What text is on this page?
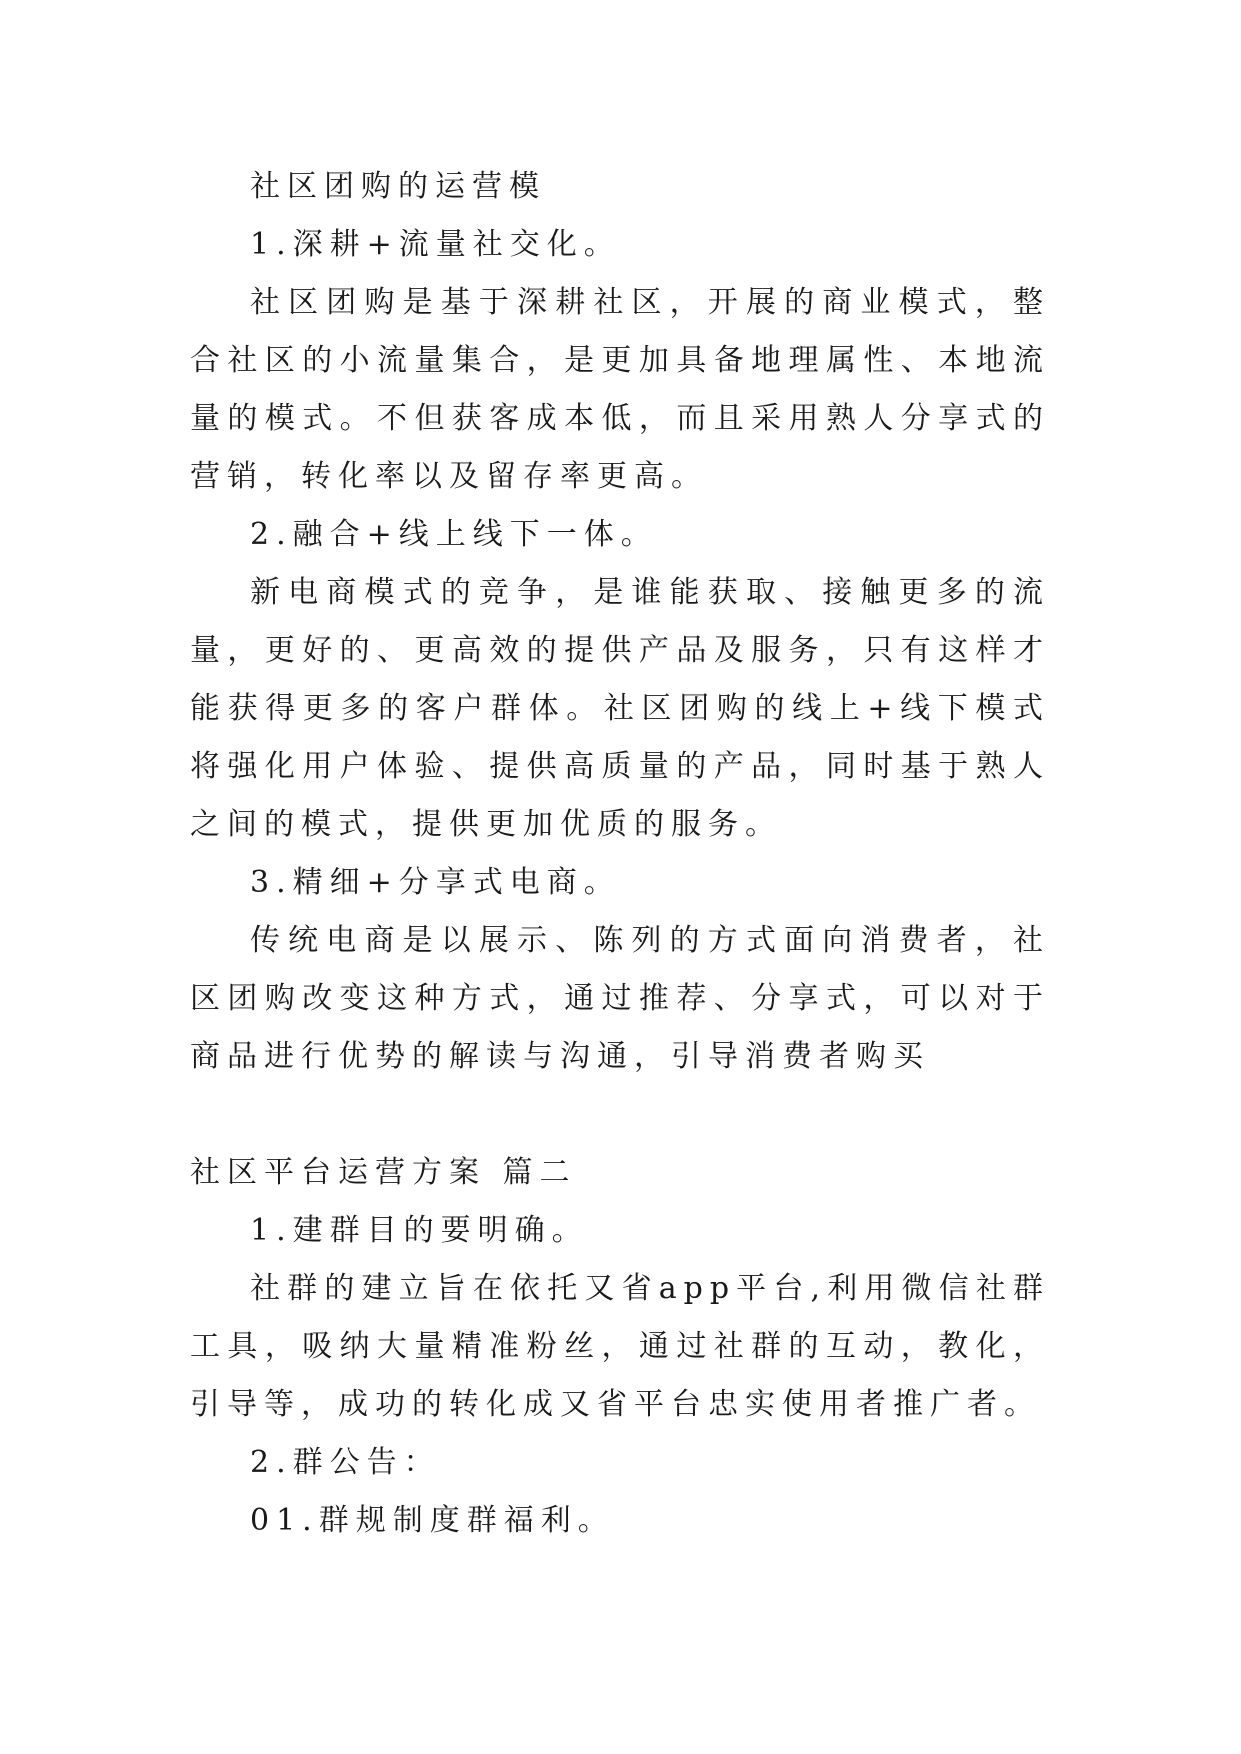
社区团购的运营模

1.深耕+流量社交化。

社区团购是基于深耕社区，开展的商业模式，整合社区的小流量集合，是更加具备地理属性、本地流量的模式。不但获客成本低，而且采用熟人分享式的营销，转化率以及留存率更高。

2.融合+线上线下一体。

新电商模式的竞争，是谁能获取、接触更多的流量，更好的、更高效的提供产品及服务，只有这样才能获得更多的客户群体。社区团购的线上+线下模式将强化用户体验、提供高质量的产品，同时基于熟人之间的模式，提供更加优质的服务。

3.精细+分享式电商。

传统电商是以展示、陈列的方式面向消费者，社区团购改变这种方式，通过推荐、分享式，可以对于商品进行优势的解读与沟通，引导消费者购买

社区平台运营方案 篇二

1.建群目的要明确。

社群的建立旨在依托又省app平台,利用微信社群工具，吸纳大量精准粉丝，通过社群的互动，教化，引导等，成功的转化成又省平台忠实使用者推广者。

2.群公告：

01.群规制度群福利。
